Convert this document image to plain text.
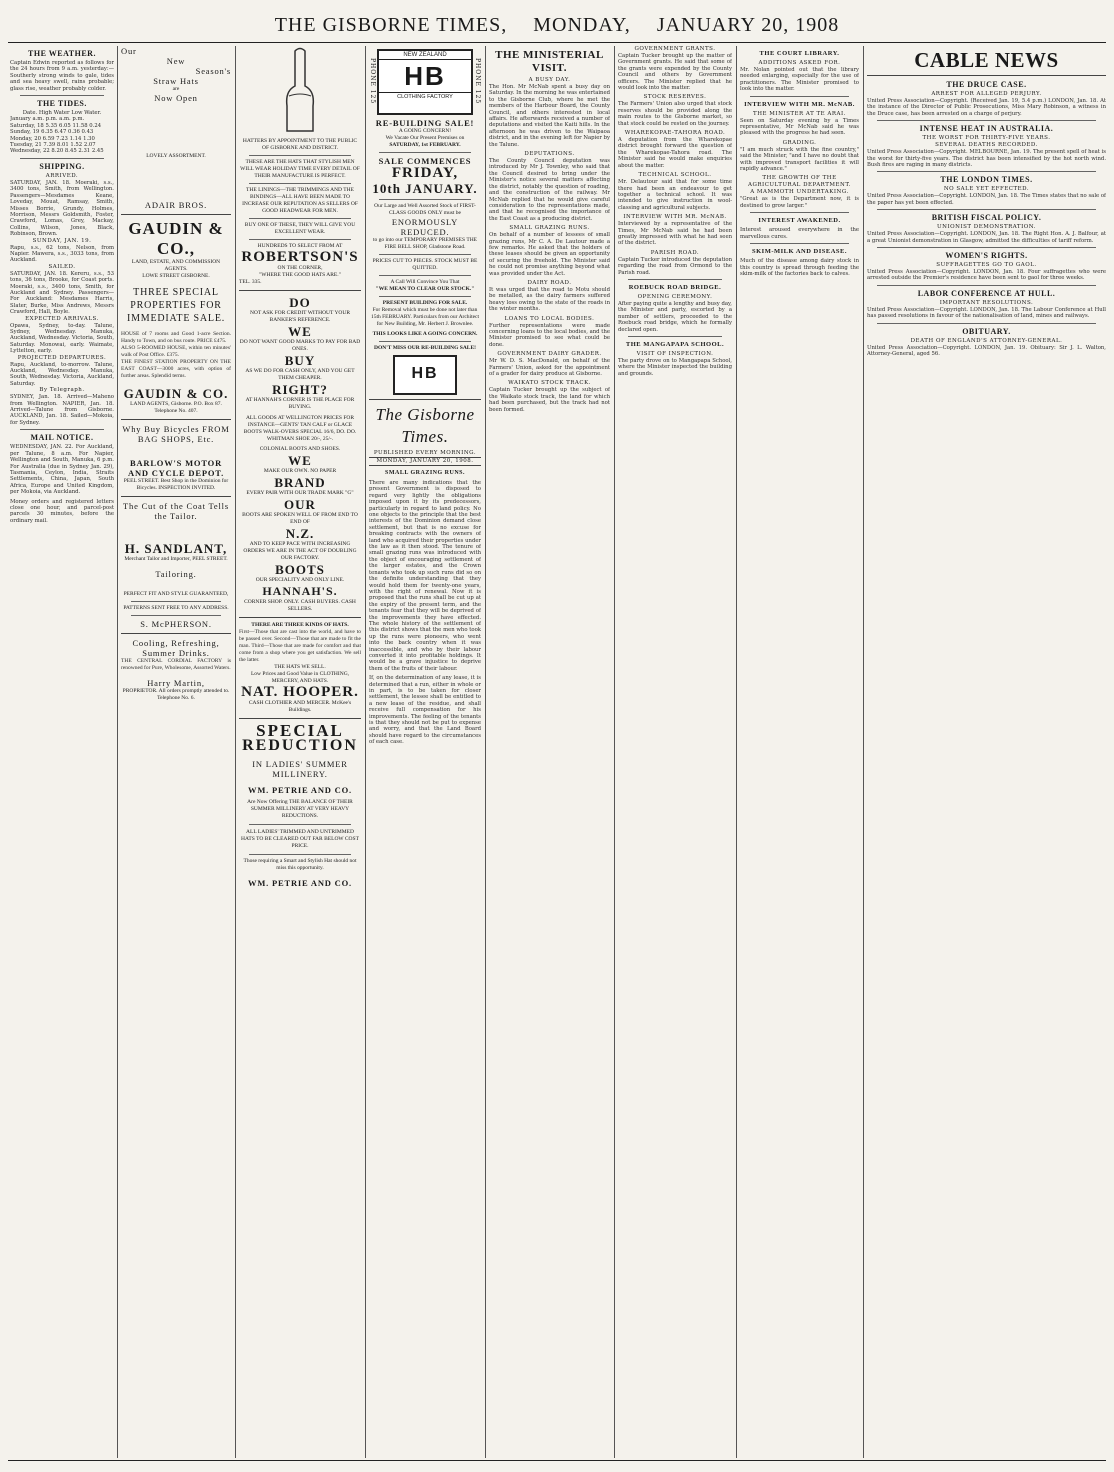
THE GISBORNE TIMES, MONDAY, JANUARY 20, 1908
THE WEATHER.
Captain Edwin reported as follows for the 24 hours from 9 a.m. yesterday:—Southerly strong winds to gale, tides and sea heavy swell, rains probable; glass rise, weather probably colder.
THE TIDES.
Date. High Water Low Water.
January a.m. p.m. a.m. p.m.
Saturday, 18 5.35 6.05 11.58 0.24
Sunday, 19 6.35 6.47 0.36 0.43
Monday, 20 6.59 7.23 1.14 1.30
Tuesday, 21 7.39 8.01 1.52 2.07
Wednesday, 22 8.20 8.45 2.31 2.45
SHIPPING.
ARRIVED.
SATURDAY, JAN. 18. Moeraki, s.s., 3400 tons, Smith, from Wellington. Passengers—Mesdames Keane, Loveday, Mouat, Ramsay, Smith, Misses Borrie, Grundy, Holmes, Morrison, Messrs Goldsmith, Foster, Crawford, Lomas, Grey, Mackay, Collins, Wilson, Jones, Black, Robinson, Brown.
SUNDAY, JAN. 19.
Rapu, s.s., 62 tons, Nelson, from Napier. Mawera, s.s., 3033 tons, from Auckland.
SAILED.
SATURDAY, JAN. 18. Kereru, s.s., 53 tons, 36 tons, Brooke, for Coast ports. Moeraki, s.s., 3400 tons, Smith, for Auckland and Sydney. Passengers—For Auckland: Mesdames Harris, Slater, Burke, Miss Andrews, Messrs Crawford, Hall, Boyle.
EXPECTED ARRIVALS.
Opawa, Sydney, to-day. Talune, Sydney, Wednesday. Manuka, Auckland, Wednesday. Victoria, South, Saturday. Monowai, early. Waimate, Lyttelton, early.
PROJECTED DEPARTURES.
Rapu, Auckland, to-morrow. Talune, Auckland, Wednesday. Manuka, South, Wednesday. Victoria, Auckland, Saturday.
By Telegraph.
SYDNEY, Jan. 18. Arrived—Maheno from Wellington. NAPIER, Jan. 18. Arrived—Talune from Gisborne. AUCKLAND, Jan. 18. Sailed—Mokoia, for Sydney.
MAIL NOTICE.
WEDNESDAY, JAN. 22. For Auckland, per Talune, 8 a.m. For Napier, Wellington and South, Manuka, 6 p.m. For Australia (due in Sydney Jan. 29), Tasmania, Ceylon, India, Straits Settlements, China, Japan, South Africa, Europe and United Kingdom, per Mokoia, via Auckland.
Money orders and registered letters close one hour, and parcel-post parcels 30 minutes, before the ordinary mail.
Our
New
Season's
Straw Hats
are
Now Open
LOVELY ASSORTMENT.
ADAIR BROS.
GAUDIN & CO.,
LAND, ESTATE, AND COMMISSION AGENTS.
LOWE STREET GISBORNE.
THREE SPECIAL PROPERTIES FOR IMMEDIATE SALE.
HOUSE of 7 rooms and Good 1-acre Section. Handy to Town, and on bus route. PRICE £475.
ALSO 5-ROOMED HOUSE, within ten minutes' walk of Post Office. £375.
THE FINEST STATION PROPERTY ON THE EAST COAST—3000 acres, with option of further areas. Splendid terms.
GAUDIN & CO.
LAND AGENTS, Gisborne. P.O. Box 87. Telephone No. 407.
Why Buy Bicycles FROM BAG SHOPS, Etc.
BARLOW'S MOTOR AND CYCLE DEPOT.
PEEL STREET. Best Shop in the Dominion for Bicycles. INSPECTION INVITED.
The Cut of the Coat Tells the Tailor.
H. SANDLANT,
Merchant Tailor and Importer, PEEL STREET.
Tailoring.
PERFECT FIT AND STYLE GUARANTEED,
PATTERNS SENT FREE TO ANY ADDRESS.
S. McPHERSON.
Cooling, Refreshing, Summer Drinks.
THE CENTRAL CORDIAL FACTORY is renowned for Pure, Wholesome, Assorted Waters.
Harry Martin,
PROPRIETOR. All orders promptly attended to. Telephone No. 6.
HATTERS BY APPOINTMENT TO THE PUBLIC OF GISBORNE AND DISTRICT.
THESE ARE THE HATS THAT STYLISH MEN WILL WEAR HOLIDAY TIME EVERY DETAIL OF THEIR MANUFACTURE IS PERFECT.
THE LININGS—THE TRIMMINGS AND THE BINDINGS—ALL HAVE BEEN MADE TO INCREASE OUR REPUTATION AS SELLERS OF GOOD HEADWEAR FOR MEN.
BUY ONE OF THESE, THEY WILL GIVE YOU EXCELLENT WEAR.
HUNDREDS TO SELECT FROM AT
ROBERTSON'S
ON THE CORNER,
"WHERE THE GOOD HATS ARE."
TEL. 335.
DO
NOT ASK FOR CREDIT WITHOUT YOUR BANKER'S REFERENCE.
WE
DO NOT WANT GOOD MARKS TO PAY FOR BAD ONES.
BUY
AS WE DO FOR CASH ONLY, AND YOU GET THEM CHEAPER.
RIGHT?
AT HANNAH'S CORNER IS THE PLACE FOR BUYING.
ALL GOODS AT WELLINGTON PRICES FOR INSTANCE—GENTS' TAN CALF or GLACE BOOTS WALK-OVERS SPECIAL 16/6, DO. DO. WHITMAN SHOE 20/-, 25/-.
COLONIAL BOOTS AND SHOES.
WE
MAKE OUR OWN. NO PAPER
BRAND
EVERY PAIR WITH OUR TRADE MARK "G"
OUR
BOOTS ARE SPOKEN WELL OF FROM END TO END OF
N.Z.
AND TO KEEP PACE WITH INCREASING ORDERS WE ARE IN THE ACT OF DOUBLING OUR FACTORY.
BOOTS
OUR SPECIALITY AND ONLY LINE.
HANNAH'S.
CORNER SHOP. ONLY. CASH BUYERS. CASH SELLERS.
THERE ARE THREE KINDS OF HATS.
First—Those that are cast into the world, and have to be passed over. Second—Those that are made to fit the man. Third—Those that are made for comfort and that come from a shop where you get satisfaction. We sell the latter.
THE HATS WE SELL.
Low Prices and Good Value in CLOTHING, MERCERY, AND HATS.
NAT. HOOPER.
CASH CLOTHIER AND MERCER. McKee's Buildings.
SPECIAL
REDUCTION
IN LADIES' SUMMER MILLINERY.
WM. PETRIE AND CO.
Are Now Offering THE BALANCE OF THEIR SUMMER MILLINERY AT VERY HEAVY REDUCTIONS.
ALL LADIES' TRIMMED AND UNTRIMMED HATS TO BE CLEARED OUT FAR BELOW COST PRICE.
Those requiring a Smart and Stylish Hat should not miss this opportunity.
WM. PETRIE AND CO.
NEW ZEALAND
HB
CLOTHING FACTORY
RE-BUILDING SALE!
A GOING CONCERN!
We Vacate Our Present Premises on
SATURDAY, 1st FEBRUARY.
SALE COMMENCES
FRIDAY,
10th JANUARY.
Our Large and Well Assorted Stock of FIRST-CLASS GOODS ONLY must be
ENORMOUSLY REDUCED.
to go into our TEMPORARY PREMISES THE FIRE BELL SHOP, Gladstone Road.
PRICES CUT TO PIECES. STOCK MUST BE QUITTED.
A Call Will Convince You That
"WE MEAN TO CLEAR OUR STOCK."
PRESENT BUILDING FOR SALE.
For Removal which must be done not later than 15th FEBRUARY. Particulars from our Architect for New Building, Mr. Herbert J. Brownlee.
THIS LOOKS LIKE A GOING CONCERN.
DON'T MISS OUR RE-BUILDING SALE!
HB
The Gisborne Times.
PUBLISHED EVERY MORNING.
MONDAY, JANUARY 20, 1908.
SMALL GRAZING RUNS.
There are many indications that the present Government is disposed to regard very lightly the obligations imposed upon it by its predecessors, particularly in regard to land policy. No one objects to the principle that the best interests of the Dominion demand close settlement, but that is no excuse for breaking contracts with the owners of land who acquired their properties under the law as it then stood. The tenure of small grazing runs was introduced with the object of encouraging settlement of the larger estates, and the Crown tenants who took up such runs did so on the definite understanding that they would hold them for twenty-one years, with the right of renewal. Now it is proposed that the runs shall be cut up at the expiry of the present term, and the tenants fear that they will be deprived of the improvements they have effected. The whole history of the settlement of this district shows that the men who took up the runs were pioneers, who went into the back country when it was inaccessible, and who by their labour converted it into profitable holdings. It would be a grave injustice to deprive them of the fruits of their labour.
If, on the determination of any lease, it is determined that a run, either in whole or in part, is to be taken for closer settlement, the lessee shall be entitled to a new lease of the residue, and shall receive full compensation for his improvements. The feeling of the tenants is that they should not be put to expense and worry, and that the Land Board should have regard to the circumstances of each case.
PHONE 125	PHONE 125
THE MINISTERIAL VISIT.
A BUSY DAY.
The Hon. Mr McNab spent a busy day on Saturday. In the morning he was entertained to the Gisborne Club, where he met the members of the Harbour Board, the County Council, and others interested in local affairs. He afterwards received a number of deputations and visited the Kaiti hills. In the afternoon he was driven to the Waipaoa district, and in the evening left for Napier by the Talune.
DEPUTATIONS.
The County Council deputation was introduced by Mr J. Townley, who said that the Council desired to bring under the Minister's notice several matters affecting the district, notably the question of roading, and the construction of the railway. Mr McNab replied that he would give careful consideration to the representations made, and that he recognised the importance of the East Coast as a producing district.
SMALL GRAZING RUNS.
On behalf of a number of lessees of small grazing runs, Mr C. A. De Lautour made a few remarks. He asked that the holders of these leases should be given an opportunity of securing the freehold. The Minister said he could not promise anything beyond what was provided under the Act.
DAIRY ROAD.
It was urged that the road to Motu should be metalled, as the dairy farmers suffered heavy loss owing to the state of the roads in the winter months.
LOANS TO LOCAL BODIES.
Further representations were made concerning loans to the local bodies, and the Minister promised to see what could be done.
GOVERNMENT DAIRY GRADER.
Mr W. D. S. MacDonald, on behalf of the Farmers' Union, asked for the appointment of a grader for dairy produce at Gisborne.
WAIKATO STOCK TRACK.
Captain Tucker brought up the subject of the Waikato stock track, the land for which had been purchased, but the track had not been formed.
GOVERNMENT GRANTS.
Captain Tucker brought up the matter of Government grants. He said that some of the grants were expended by the County Council and others by Government officers. The Minister replied that he would look into the matter.
STOCK RESERVES.
The Farmers' Union also urged that stock reserves should be provided along the main routes to the Gisborne market, so that stock could be rested on the journey.
WHAREKOPAE-TAHORA ROAD.
A deputation from the Wharekopae district brought forward the question of the Wharekopae-Tahora road. The Minister said he would make enquiries about the matter.
TECHNICAL SCHOOL.
Mr. Delautour said that for some time there had been an endeavour to get together a technical school. It was intended to give instruction in wool-classing and agricultural subjects.
INTERVIEW WITH MR. McNAB.
Interviewed by a representative of the Times, Mr McNab said he had been greatly impressed with what he had seen of the district.
PARISH ROAD.
Captain Tucker introduced the deputation regarding the road from Ormond to the Parish road.
ROEBUCK ROAD BRIDGE.
OPENING CEREMONY.
After paying quite a lengthy and busy day, the Minister and party, escorted by a number of settlers, proceeded to the Roebuck road bridge, which he formally declared open.
THE MANGAPAPA SCHOOL.
VISIT OF INSPECTION.
The party drove on to Mangapapa School, where the Minister inspected the building and grounds.
THE COURT LIBRARY.
ADDITIONS ASKED FOR.
Mr. Nolan pointed out that the library needed enlarging, especially for the use of practitioners. The Minister promised to look into the matter.
INTERVIEW WITH MR. McNAB.
THE MINISTER AT TE ARAI.
Seen on Saturday evening by a Times representative, Mr McNab said he was pleased with the progress he had seen.
GRADING.
"I am much struck with the fine country," said the Minister, "and I have no doubt that with improved transport facilities it will rapidly advance."
THE GROWTH OF THE AGRICULTURAL DEPARTMENT.
A MAMMOTH UNDERTAKING.
"Great as is the Department now, it is destined to grow larger."
INTEREST AWAKENED.
Interest aroused everywhere in the marvellous cures.
SKIM-MILK AND DISEASE.
Much of the disease among dairy stock in this country is spread through feeding the skim-milk of the factories back to calves.
CABLE NEWS
THE DRUCE CASE.
ARREST FOR ALLEGED PERJURY.
United Press Association—Copyright. (Received Jan. 19, 5.4 p.m.) LONDON, Jan. 18. At the instance of the Director of Public Prosecutions, Miss Mary Robinson, a witness in the Druce case, has been arrested on a charge of perjury.
INTENSE HEAT IN AUSTRALIA.
THE WORST FOR THIRTY-FIVE YEARS.
SEVERAL DEATHS RECORDED.
United Press Association—Copyright. MELBOURNE, Jan. 19. The present spell of heat is the worst for thirty-five years. The district has been intensified by the hot north wind. Bush fires are raging in many districts.
THE LONDON TIMES.
NO SALE YET EFFECTED.
United Press Association—Copyright. LONDON, Jan. 18. The Times states that no sale of the paper has yet been effected.
BRITISH FISCAL POLICY.
UNIONIST DEMONSTRATION.
United Press Association—Copyright. LONDON, Jan. 18. The Right Hon. A. J. Balfour, at a great Unionist demonstration in Glasgow, admitted the difficulties of tariff reform.
WOMEN'S RIGHTS.
SUFFRAGETTES GO TO GAOL.
United Press Association—Copyright. LONDON, Jan. 18. Four suffragettes who were arrested outside the Premier's residence have been sent to gaol for three weeks.
LABOR CONFERENCE AT HULL.
IMPORTANT RESOLUTIONS.
United Press Association—Copyright. LONDON, Jan. 18. The Labour Conference at Hull has passed resolutions in favour of the nationalisation of land, mines and railways.
OBITUARY.
DEATH OF ENGLAND'S ATTORNEY-GENERAL.
United Press Association—Copyright. LONDON, Jan. 19. Obituary: Sir J. L. Walton, Attorney-General, aged 56.
